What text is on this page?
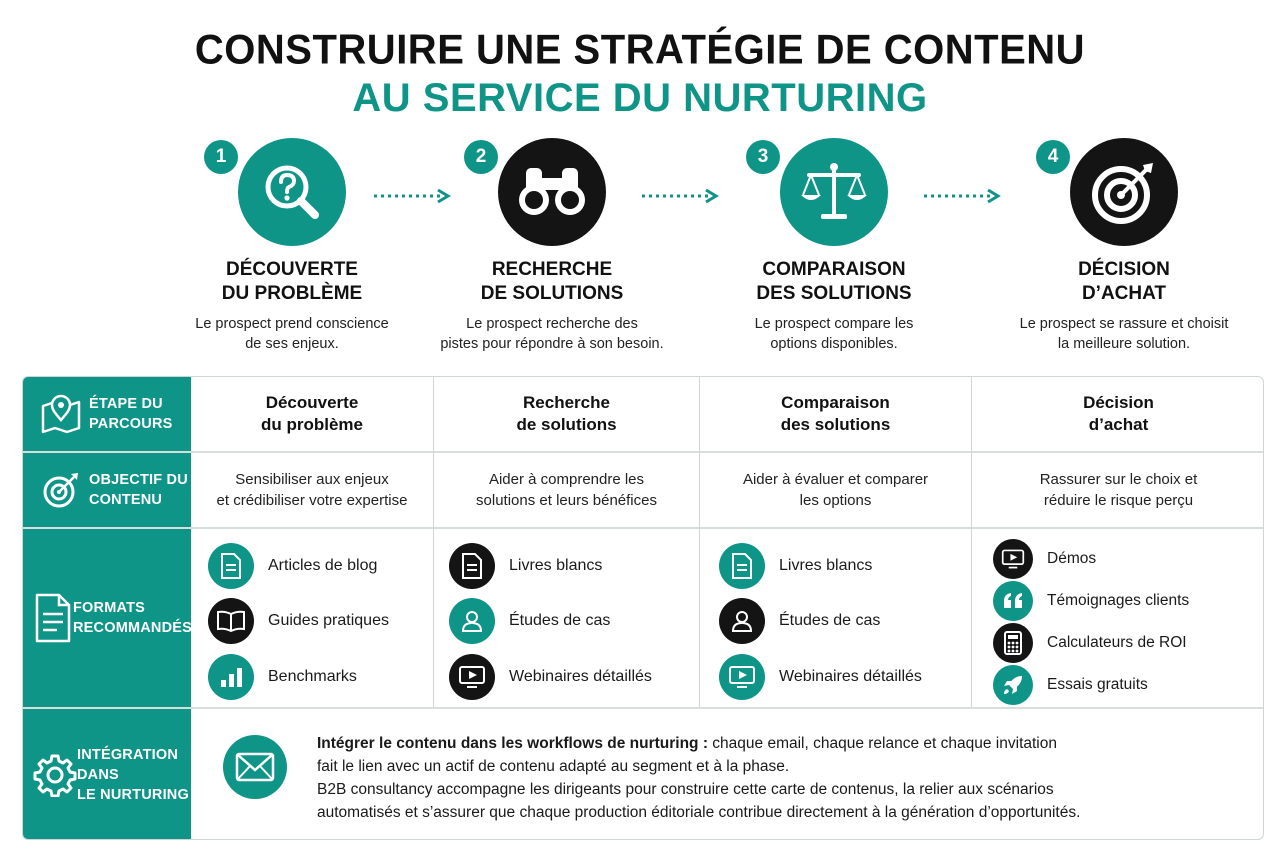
CONSTRUIRE UNE STRATÉGIE DE CONTENU
AU SERVICE DU NURTURING
1
DÉCOUVERTE
DU PROBLÈME
Le prospect prend conscience
de ses enjeux.
2
RECHERCHE
DE SOLUTIONS
Le prospect recherche des
pistes pour répondre à son besoin.
3
COMPARAISON
DES SOLUTIONS
Le prospect compare les
options disponibles.
4
DÉCISION
D’ACHAT
Le prospect se rassure et choisit
la meilleure solution.
ÉTAPE DU
PARCOURS
OBJECTIF DU
CONTENU
FORMATS
RECOMMANDÉS
INTÉGRATION DANS
LE NURTURING
Découverte
du problème
Recherche
de solutions
Comparaison
des solutions
Décision
d’achat
Sensibiliser aux enjeux
et crédibiliser votre expertise
Aider à comprendre les
solutions et leurs bénéfices
Aider à évaluer et comparer
les options
Rassurer sur le choix et
réduire le risque perçu
Articles de blog
Guides pratiques
Benchmarks
Livres blancs
Études de cas
Webinaires détaillés
Livres blancs
Études de cas
Webinaires détaillés
Démos
Témoignages clients
Calculateurs de ROI
Essais gratuits
Intégrer le contenu dans les workflows de nurturing : chaque email, chaque relance et chaque invitation
fait le lien avec un actif de contenu adapté au segment et à la phase.
B2B consultancy accompagne les dirigeants pour construire cette carte de contenus, la relier aux scénarios
automatisés et s’assurer que chaque production éditoriale contribue directement à la génération d’opportunités.
